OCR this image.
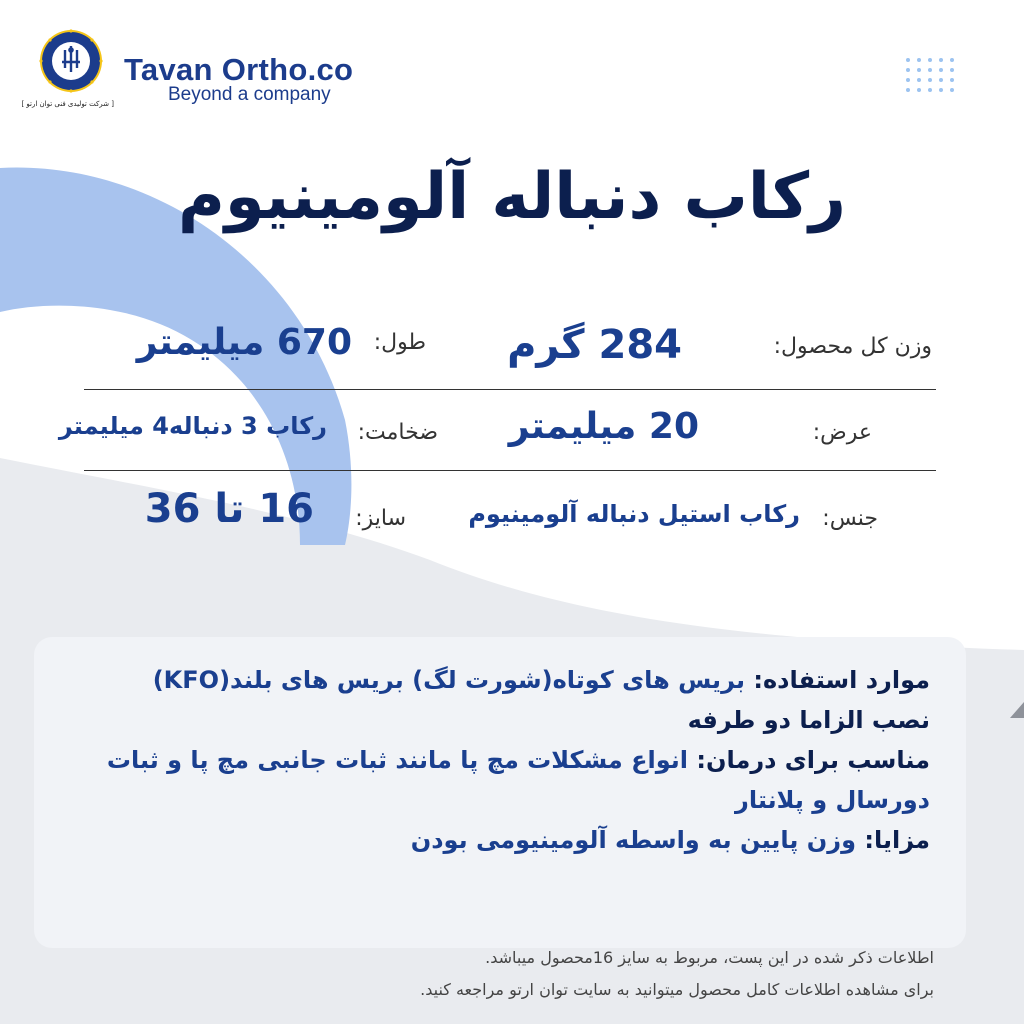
[ شرکت تولیدی فنی توان ارتو ]
Tavan Ortho.co
Beyond a company
رکاب دنباله آلومینیوم
وزن کل محصول:
284 گرم
طول:
670 میلیمتر
عرض:
20 میلیمتر
ضخامت:
رکاب 3 دنباله4 میلیمتر
جنس:
رکاب استیل دنباله آلومینیوم
سایز:
16 تا 36
موارد استفاده: بریس های کوتاه(شورت لگ) بریس های بلند(KFO)
نصب الزاما دو طرفه
مناسب برای درمان: انواع مشکلات مچ پا مانند ثبات جانبی مچ پا و ثبات دورسال و پلانتار
مزایا: وزن پایین به واسطه آلومینیومی بودن
اطلاعات ذکر شده در این پست، مربوط به سایز 16محصول میباشد.
برای مشاهده اطلاعات کامل محصول میتوانید به سایت توان ارتو مراجعه کنید.
